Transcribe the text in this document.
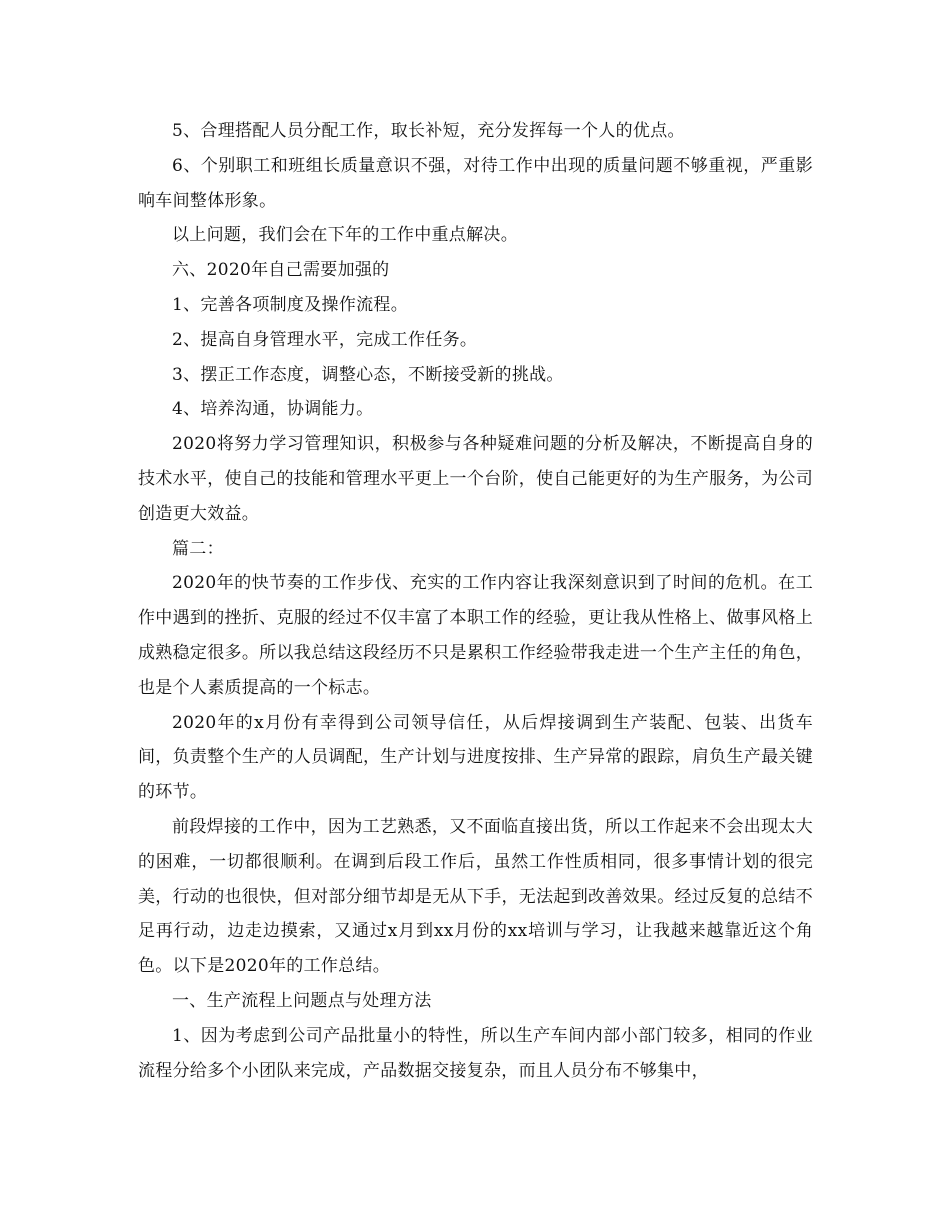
5、合理搭配人员分配工作，取长补短，充分发挥每一个人的优点。

6、个别职工和班组长质量意识不强，对待工作中出现的质量问题不够重视，严重影响车间整体形象。

以上问题，我们会在下年的工作中重点解决。

六、2020年自己需要加强的

1、完善各项制度及操作流程。

2、提高自身管理水平，完成工作任务。

3、摆正工作态度，调整心态，不断接受新的挑战。

4、培养沟通，协调能力。

2020将努力学习管理知识，积极参与各种疑难问题的分析及解决，不断提高自身的技术水平，使自己的技能和管理水平更上一个台阶，使自己能更好的为生产服务，为公司创造更大效益。

篇二：

2020年的快节奏的工作步伐、充实的工作内容让我深刻意识到了时间的危机。在工作中遇到的挫折、克服的经过不仅丰富了本职工作的经验，更让我从性格上、做事风格上成熟稳定很多。所以我总结这段经历不只是累积工作经验带我走进一个生产主任的角色，也是个人素质提高的一个标志。

2020年的x月份有幸得到公司领导信任，从后焊接调到生产装配、包装、出货车间，负责整个生产的人员调配，生产计划与进度按排、生产异常的跟踪，肩负生产最关键的环节。

前段焊接的工作中，因为工艺熟悉，又不面临直接出货，所以工作起来不会出现太大的困难，一切都很顺利。在调到后段工作后，虽然工作性质相同，很多事情计划的很完美，行动的也很快，但对部分细节却是无从下手，无法起到改善效果。经过反复的总结不足再行动，边走边摸索，又通过x月到xx月份的xx培训与学习，让我越来越靠近这个角色。以下是2020年的工作总结。

一、生产流程上问题点与处理方法

1、因为考虑到公司产品批量小的特性，所以生产车间内部小部门较多，相同的作业流程分给多个小团队来完成，产品数据交接复杂，而且人员分布不够集中，
